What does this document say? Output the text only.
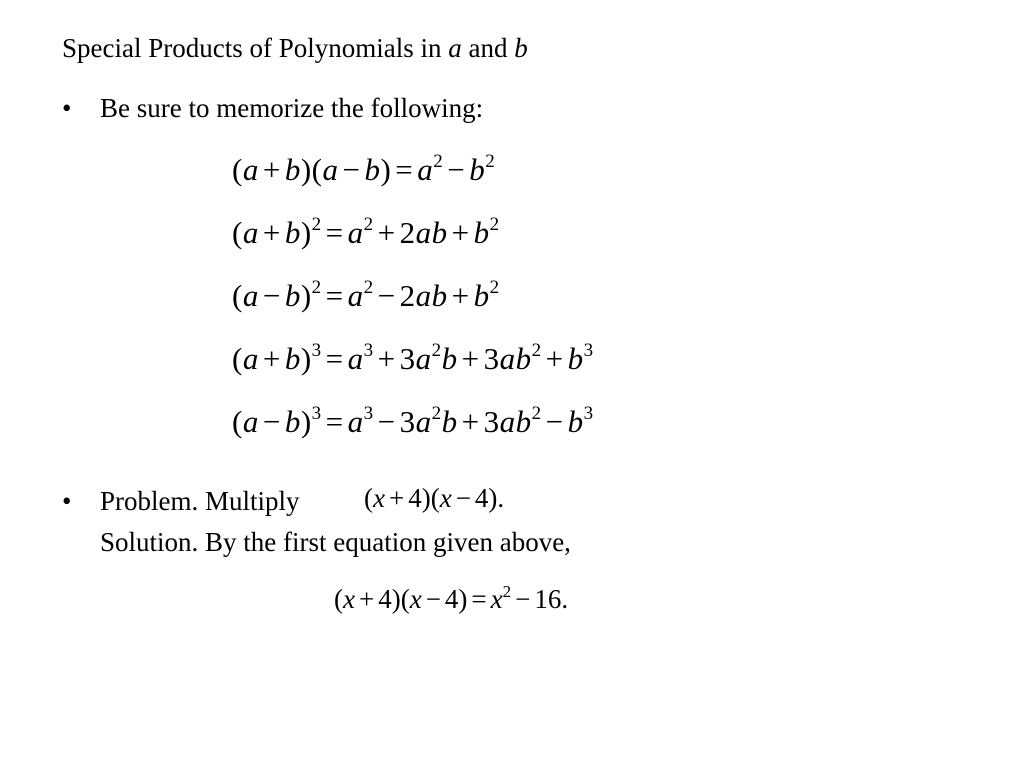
Special Products of Polynomials in a and b
• Be sure to memorize the following:
$(a + b)(a - b) = a^2 - b^2$
$(a + b)^2 = a^2 + 2ab + b^2$
$(a - b)^2 = a^2 - 2ab + b^2$
$(a + b)^3 = a^3 + 3a^2b + 3ab^2 + b^3$
$(a - b)^3 = a^3 - 3a^2b + 3ab^2 - b^3$
• Problem. Multiply (x + 4)(x − 4).
Solution. By the first equation given above,
$(x + 4)(x - 4) = x^2 - 16$.
